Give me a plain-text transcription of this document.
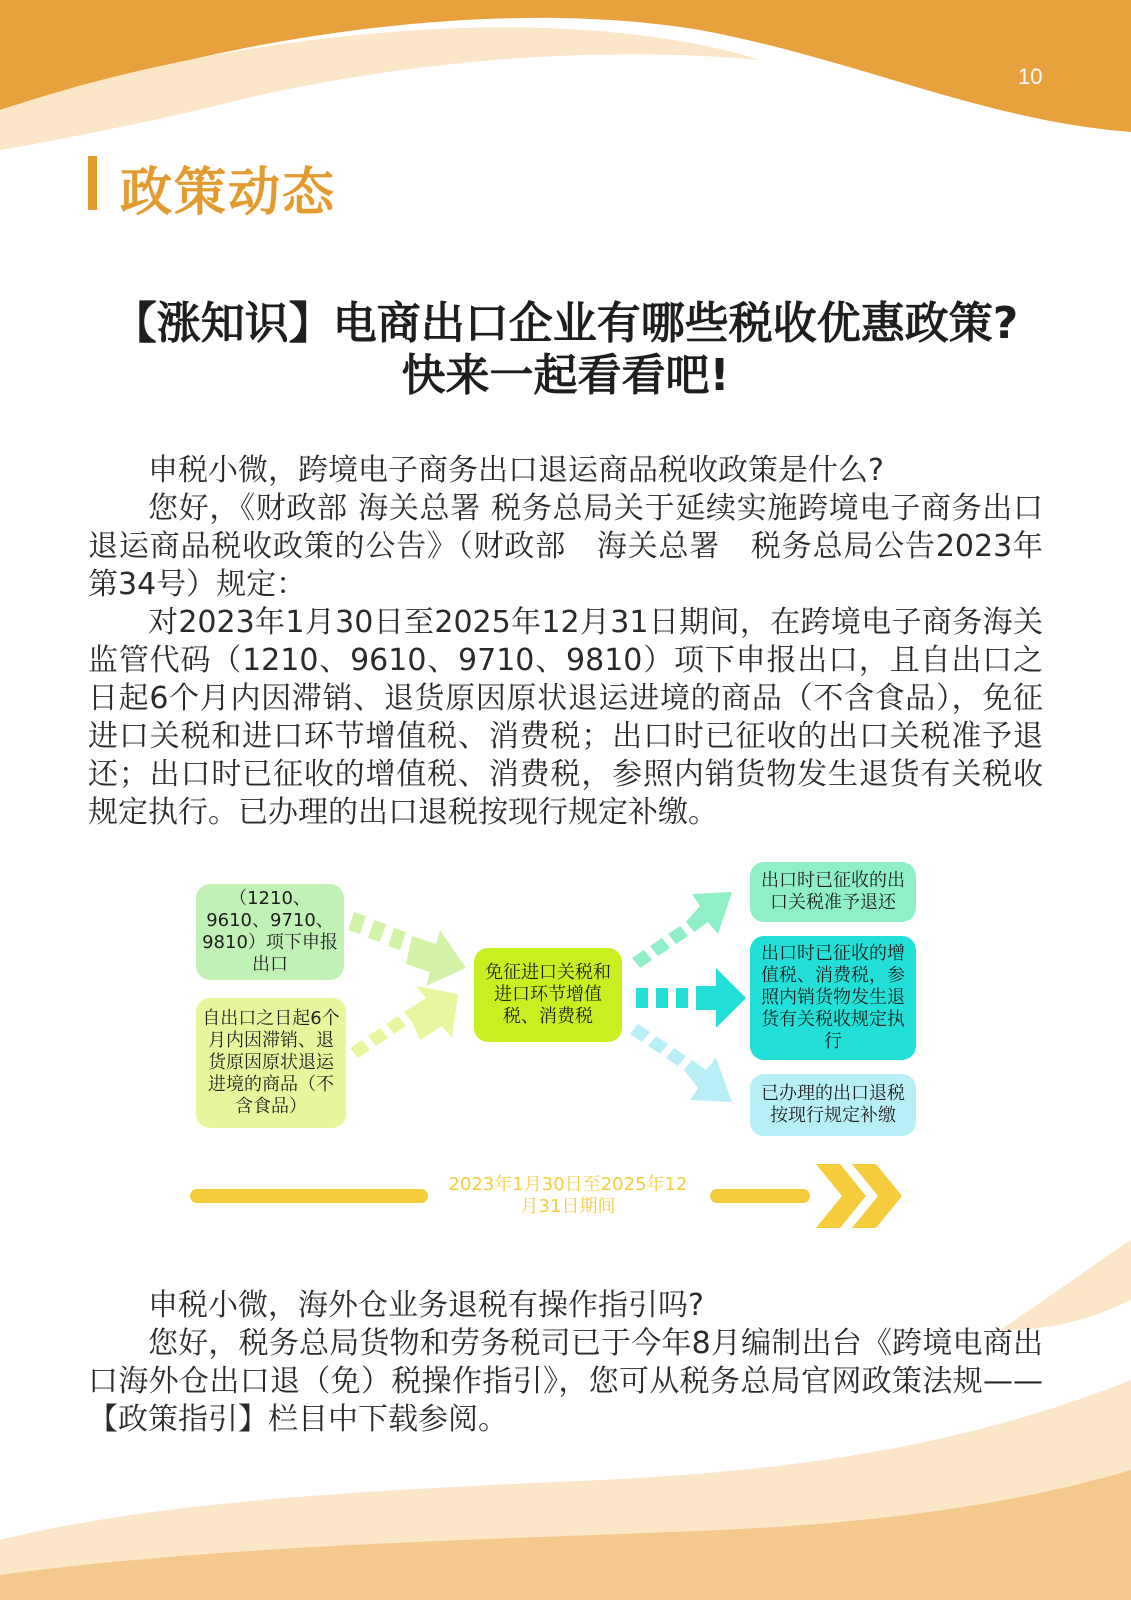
10
政策动态
【涨知识】电商出口企业有哪些税收优惠政策?
快来一起看看吧!

申税小微，跨境电子商务出口退运商品税收政策是什么?

您好，《财政部 海关总署 税务总局关于延续实施跨境电子商务出口退运商品税收政策的公告》（财政部　海关总署　税务总局公告2023年第34号）规定：

对2023年1月30日至2025年12月31日期间，在跨境电子商务海关监管代码（1210、9610、9710、9810）项下申报出口，且自出口之日起6个月内因滞销、退货原因原状退运进境的商品（不含食品），免征进口关税和进口环节增值税、消费税；出口时已征收的出口关税准予退还；出口时已征收的增值税、消费税，参照内销货物发生退货有关税收规定执行。已办理的出口退税按现行规定补缴。

（1210、9610、9710、9810）项下申报出口
自出口之日起6个月内因滞销、退货原因原状退运进境的商品（不含食品）
免征进口关税和进口环节增值税、消费税
出口时已征收的出口关税准予退还
出口时已征收的增值税、消费税，参照内销货物发生退货有关税收规定执行
已办理的出口退税按现行规定补缴
2023年1月30日至2025年12月31日期间

申税小微，海外仓业务退税有操作指引吗?

您好，税务总局货物和劳务税司已于今年8月编制出台《跨境电商出口海外仓出口退（免）税操作指引》，您可从税务总局官网政策法规——【政策指引】栏目中下载参阅。
